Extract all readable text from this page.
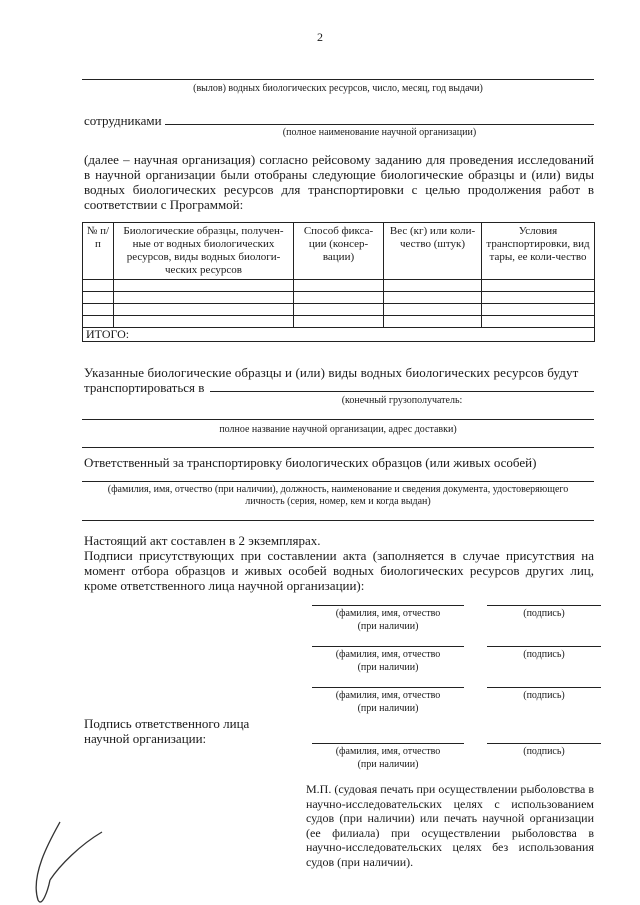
2
(вылов) водных биологических ресурсов, число, месяц, год выдачи)
сотрудниками
(полное наименование научной организации)
(далее – научная организация) согласно рейсовому заданию для проведения исследований в научной организации были отобраны следующие биологические образцы и (или) виды водных биологических ресурсов для транспортировки с целью продолжения работ в соответствии с Программой:
№ п/п	Биологические образцы, получен-ные от водных биологических ресурсов, виды водных биологи-ческих ресурсов	Способ фикса-ции (консер-вации)	Вес (кг) или коли-чество (штук)	Условия транспортировки, вид тары, ее коли-чество

ИТОГО:				
Указанные биологические образцы и (или) виды водных биологических ресурсов будут
транспортироваться в
(конечный грузополучатель:
полное название научной организации, адрес доставки)
Ответственный за транспортировку биологических образцов (или живых особей)
(фамилия, имя, отчество (при наличии), должность, наименование и сведения документа, удостоверяющего личность (серия, номер, кем и когда выдан)
Настоящий акт составлен в 2 экземплярах.
Подписи присутствующих при составлении акта (заполняется в случае присутствия на момент отбора образцов и живых особей водных биологических ресурсов других лиц, кроме ответственного лица научной организации):
(фамилия, имя, отчество (при наличии)
(подпись)
(фамилия, имя, отчество (при наличии)
(подпись)
(фамилия, имя, отчество (при наличии)
(подпись)
Подпись ответственного лица научной организации:
(фамилия, имя, отчество (при наличии)
(подпись)
М.П. (судовая печать при осуществлении рыболовства в научно-исследовательских целях с использованием судов (при наличии) или печать научной организации (ее филиала) при осуществлении рыболовства в научно-исследовательских целях без использования судов (при наличии).
